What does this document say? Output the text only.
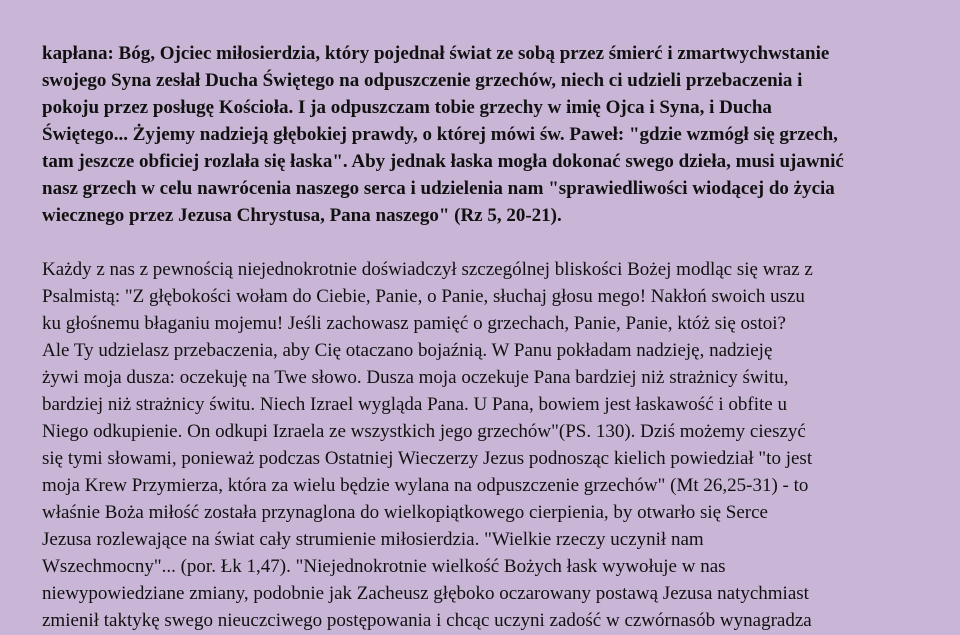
kapłana: Bóg, Ojciec miłosierdzia, który pojednał świat ze sobą przez śmierć i zmartwychwstanie
swojego Syna zesłał Ducha Świętego na odpuszczenie grzechów, niech ci udzieli przebaczenia i
pokoju przez posługę Kościoła. I ja odpuszczam tobie grzechy w imię Ojca i Syna, i Ducha
Świętego... Żyjemy nadzieją głębokiej prawdy, o której mówi św. Paweł: "gdzie wzmógł się grzech,
tam jeszcze obficiej rozlała się łaska". Aby jednak łaska mogła dokonać swego dzieła, musi ujawnić
nasz grzech w celu nawrócenia naszego serca i udzielenia nam "sprawiedliwości wiodącej do życia
wiecznego przez Jezusa Chrystusa, Pana naszego" (Rz 5, 20-21).

Każdy z nas z pewnością niejednokrotnie doświadczył szczególnej bliskości Bożej modląc się wraz z
Psalmistą: "Z głębokości wołam do Ciebie, Panie, o Panie, słuchaj głosu mego! Nakłoń swoich uszu
ku głośnemu błaganiu mojemu! Jeśli zachowasz pamięć o grzechach, Panie, Panie, któż się ostoi?
Ale Ty udzielasz przebaczenia, aby Cię otaczano bojaźnią. W Panu pokładam nadzieję, nadzieję
żywi moja dusza: oczekuję na Twe słowo. Dusza moja oczekuje Pana bardziej niż strażnicy świtu,
bardziej niż strażnicy świtu. Niech Izrael wygląda Pana. U Pana, bowiem jest łaskawość i obfite u
Niego odkupienie. On odkupi Izraela ze wszystkich jego grzechów"(PS. 130). Dziś możemy cieszyć
się tymi słowami, ponieważ podczas Ostatniej Wieczerzy Jezus podnosząc kielich powiedział "to jest
moja Krew Przymierza, która za wielu będzie wylana na odpuszczenie grzechów" (Mt 26,25-31) - to
właśnie Boża miłość została przynaglona do wielkopiątkowego cierpienia, by otwarło się Serce
Jezusa rozlewające na świat cały strumienie miłosierdzia. "Wielkie rzeczy uczynił nam
Wszechmocny"... (por. Łk 1,47). "Niejednokrotnie wielkość Bożych łask wywołuje w nas
niewypowiedziane zmiany, podobnie jak Zacheusz głęboko oczarowany postawą Jezusa natychmiast
zmienił taktykę swego nieuczciwego postępowania i chcąc uczyni zadość w czwórnasób wynagradza
